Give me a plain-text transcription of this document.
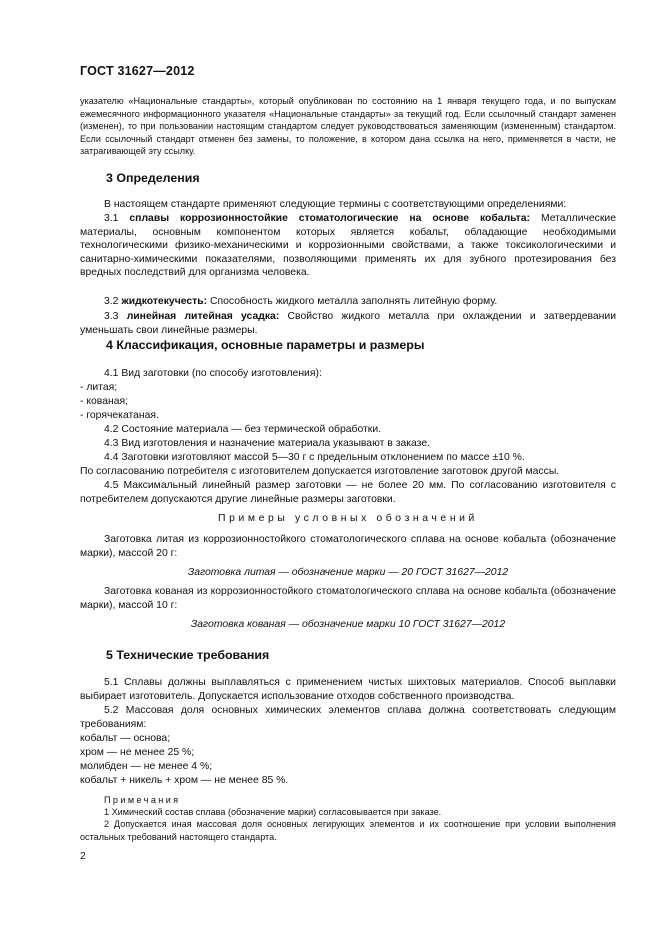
ГОСТ 31627—2012

указателю «Национальные стандарты», который опубликован по состоянию на 1 января текущего года, и по выпускам ежемесячного информационного указателя «Национальные стандарты» за текущий год. Если ссылочный стандарт заменен (изменен), то при пользовании настоящим стандартом следует руководствоваться заменяющим (измененным) стандартом. Если ссылочный стандарт отменен без замены, то положение, в котором дана ссылка на него, применяется в части, не затрагивающей эту ссылку.

3 Определения

В настоящем стандарте применяют следующие термины с соответствующими определениями:

3.1 сплавы коррозионностойкие стоматологические на основе кобальта: Металлические материалы, основным компонентом которых является кобальт, обладающие необходимыми технологическими физико-механическими и коррозионными свойствами, а также токсикологическими и санитарно-химическими показателями, позволяющими применять их для зубного протезирования без вредных последствий для организма человека.

3.2 жидкотекучесть: Способность жидкого металла заполнять литейную форму.

3.3 линейная литейная усадка: Свойство жидкого металла при охлаждении и затвердевании уменьшать свои линейные размеры.

4 Классификация, основные параметры и размеры

4.1 Вид заготовки (по способу изготовления):

- литая;

- кованая;

- горячекатаная.

4.2 Состояние материала — без термической обработки.

4.3 Вид изготовления и назначение материала указывают в заказе.

4.4 Заготовки изготовляют массой 5—30 г с предельным отклонением по массе ±10 %.

По согласованию потребителя с изготовителем допускается изготовление заготовок другой массы.

4.5 Максимальный линейный размер заготовки — не более 20 мм. По согласованию изготовителя с потребителем допускаются другие линейные размеры заготовки.

Примеры условных обозначений

Заготовка литая из коррозионностойкого стоматологического сплава на основе кобальта (обозначение марки), массой 20 г:

Заготовка литая — обозначение марки — 20 ГОСТ 31627—2012

Заготовка кованая из коррозионностойкого стоматологического сплава на основе кобальта (обозначение марки), массой 10 г:

Заготовка кованая — обозначение марки 10 ГОСТ 31627—2012

5 Технические требования

5.1 Сплавы должны выплавляться с применением чистых шихтовых материалов. Способ выплавки выбирает изготовитель. Допускается использование отходов собственного производства.

5.2 Массовая доля основных химических элементов сплава должна соответствовать следующим требованиям:

кобальт — основа;

хром — не менее 25 %;

молибден — не менее 4 %;

кобальт + никель + хром — не менее 85 %.

Примечания

1 Химический состав сплава (обозначение марки) согласовывается при заказе.

2 Допускается иная массовая доля основных легирующих элементов и их соотношение при условии выполнения остальных требований настоящего стандарта.

2
